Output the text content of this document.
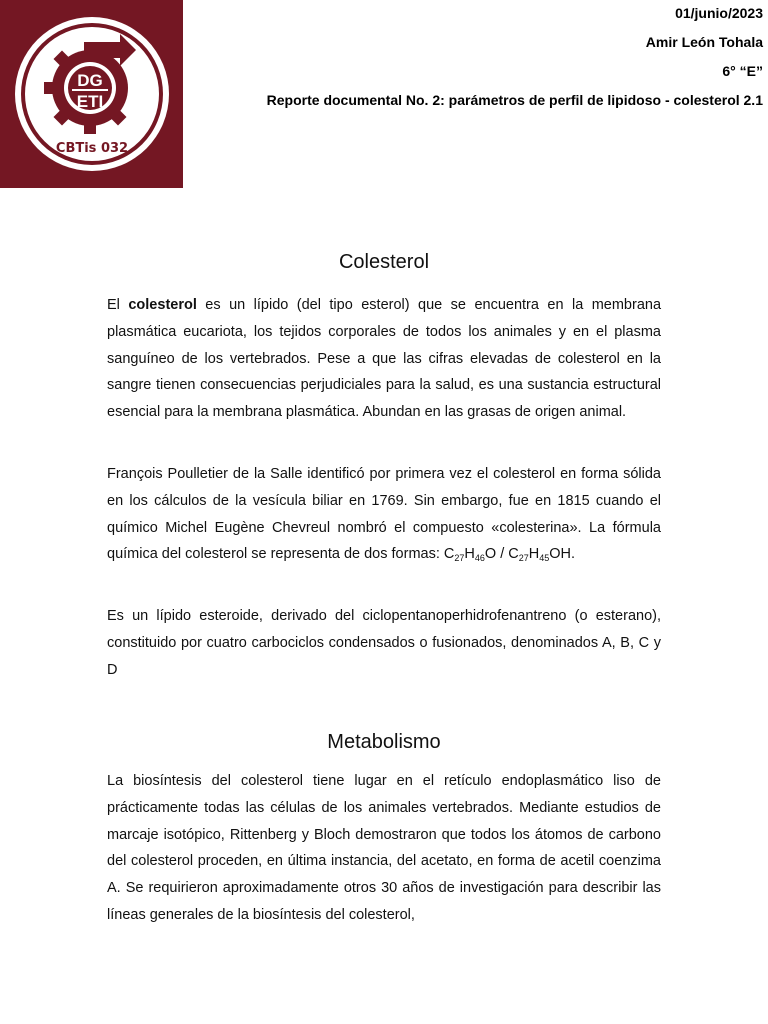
DG
ETI
CBTis 032
01/junio/2023
Amir León Tohala
6° “E”
Reporte documental No. 2: parámetros de perfil de lipidoso - colesterol 2.1
Colesterol
El colesterol es un lípido (del tipo esterol) que se encuentra en la membrana plasmática eucariota, los tejidos corporales de todos los animales y en el plasma sanguíneo de los vertebrados. Pese a que las cifras elevadas de colesterol en la sangre tienen consecuencias perjudiciales para la salud, es una sustancia estructural esencial para la membrana plasmática. Abundan en las grasas de origen animal.
François Poulletier de la Salle identificó por primera vez el colesterol en forma sólida en los cálculos de la vesícula biliar en 1769. Sin embargo, fue en 1815 cuando el químico Michel Eugène Chevreul nombró el compuesto «colesterina». La fórmula química del colesterol se representa de dos formas: $C_{27}H_{46}O / C_{27}H_{45}OH$.
Es un lípido esteroide, derivado del ciclopentanoperhidrofenantreno (o esterano), constituido por cuatro carbociclos condensados o fusionados, denominados A, B, C y D
Metabolismo
La biosíntesis del colesterol tiene lugar en el retículo endoplasmático liso de prácticamente todas las células de los animales vertebrados. Mediante estudios de marcaje isotópico, Rittenberg y Bloch demostraron que todos los átomos de carbono del colesterol proceden, en última instancia, del acetato, en forma de acetil coenzima A. Se requirieron aproximadamente otros 30 años de investigación para describir las líneas generales de la biosíntesis del colesterol,
